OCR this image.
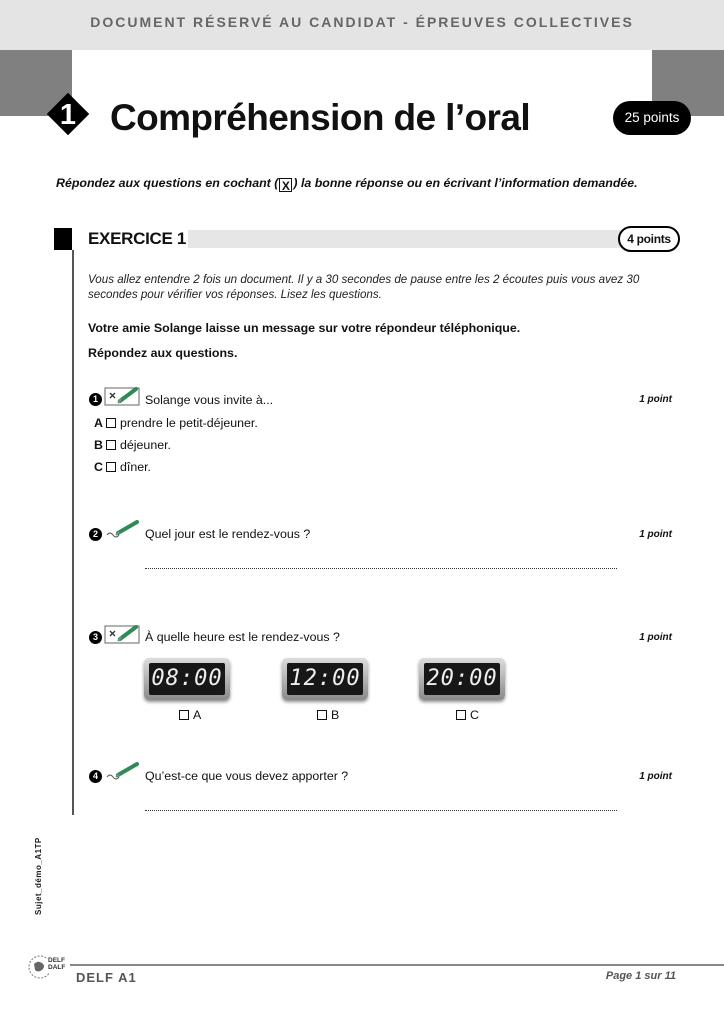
DOCUMENT RÉSERVÉ AU CANDIDAT - ÉPREUVES COLLECTIVES
1 Compréhension de l’oral	25 points
Répondez aux questions en cochant ( X ) la bonne réponse ou en écrivant l’information demandée.
EXERCICE 1	4 points
Vous allez entendre 2 fois un document. Il y a 30 secondes de pause entre les 2 écoutes puis vous avez 30 secondes pour vérifier vos réponses. Lisez les questions.
Votre amie Solange laisse un message sur votre répondeur téléphonique.
Répondez aux questions.
1	Solange vous invite à...	1 point
A prendre le petit-déjeuner.
B déjeuner.
C dîner.
2	Quel jour est le rendez-vous ?	1 point
3	À quelle heure est le rendez-vous ?	1 point
08:00	12:00	20:00
A	B	C
4	Qu’est-ce que vous devez apporter ?	1 point
Sujet_démo_A1TP
DELF DALF
DELF A1	Page 1 sur 11
